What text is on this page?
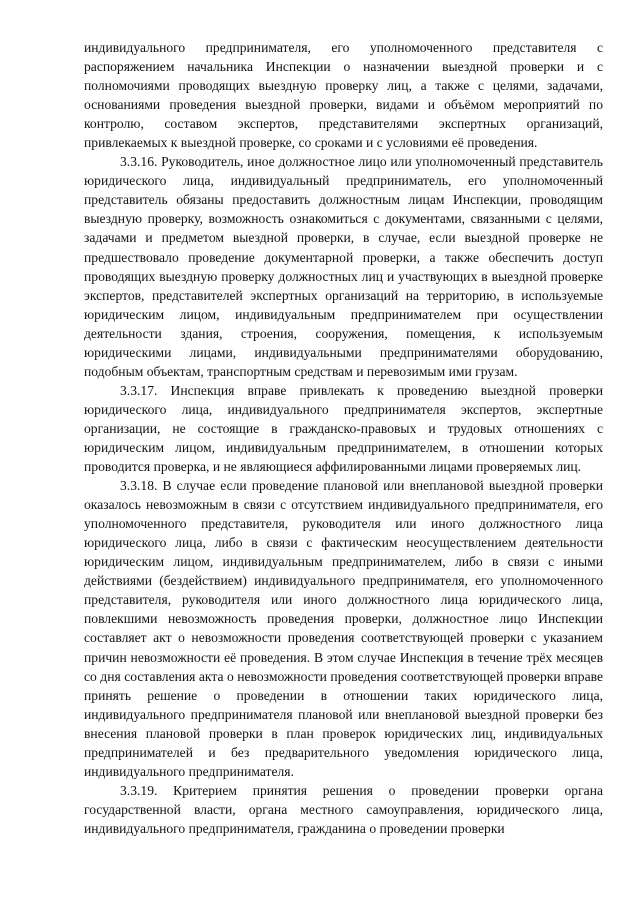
индивидуального предпринимателя, его уполномоченного представителя с распоряжением начальника Инспекции о назначении выездной проверки и с полномочиями проводящих выездную проверку лиц, а также с целями, задачами, основаниями проведения выездной проверки, видами и объёмом мероприятий по контролю, составом экспертов, представителями экспертных организаций, привлекаемых к выездной проверке, со сроками и с условиями её проведения.

3.3.16. Руководитель, иное должностное лицо или уполномоченный представитель юридического лица, индивидуальный предприниматель, его уполномоченный представитель обязаны предоставить должностным лицам Инспекции, проводящим выездную проверку, возможность ознакомиться с документами, связанными с целями, задачами и предметом выездной проверки, в случае, если выездной проверке не предшествовало проведение документарной проверки, а также обеспечить доступ проводящих выездную проверку должностных лиц и участвующих в выездной проверке экспертов, представителей экспертных организаций на территорию, в используемые юридическим лицом, индивидуальным предпринимателем при осуществлении деятельности здания, строения, сооружения, помещения, к используемым юридическими лицами, индивидуальными предпринимателями оборудованию, подобным объектам, транспортным средствам и перевозимым ими грузам.

3.3.17. Инспекция вправе привлекать к проведению выездной проверки юридического лица, индивидуального предпринимателя экспертов, экспертные организации, не состоящие в гражданско-правовых и трудовых отношениях с юридическим лицом, индивидуальным предпринимателем, в отношении которых проводится проверка, и не являющиеся аффилированными лицами проверяемых лиц.

3.3.18. В случае если проведение плановой или внеплановой выездной проверки оказалось невозможным в связи с отсутствием индивидуального предпринимателя, его уполномоченного представителя, руководителя или иного должностного лица юридического лица, либо в связи с фактическим неосуществлением деятельности юридическим лицом, индивидуальным предпринимателем, либо в связи с иными действиями (бездействием) индивидуального предпринимателя, его уполномоченного представителя, руководителя или иного должностного лица юридического лица, повлекшими невозможность проведения проверки, должностное лицо Инспекции составляет акт о невозможности проведения соответствующей проверки с указанием причин невозможности её проведения. В этом случае Инспекция в течение трёх месяцев со дня составления акта о невозможности проведения соответствующей проверки вправе принять решение о проведении в отношении таких юридического лица, индивидуального предпринимателя плановой или внеплановой выездной проверки без внесения плановой проверки в план проверок юридических лиц, индивидуальных предпринимателей и без предварительного уведомления юридического лица, индивидуального предпринимателя.

3.3.19. Критерием принятия решения о проведении проверки органа государственной власти, органа местного самоуправления, юридического лица, индивидуального предпринимателя, гражданина о проведении проверки
